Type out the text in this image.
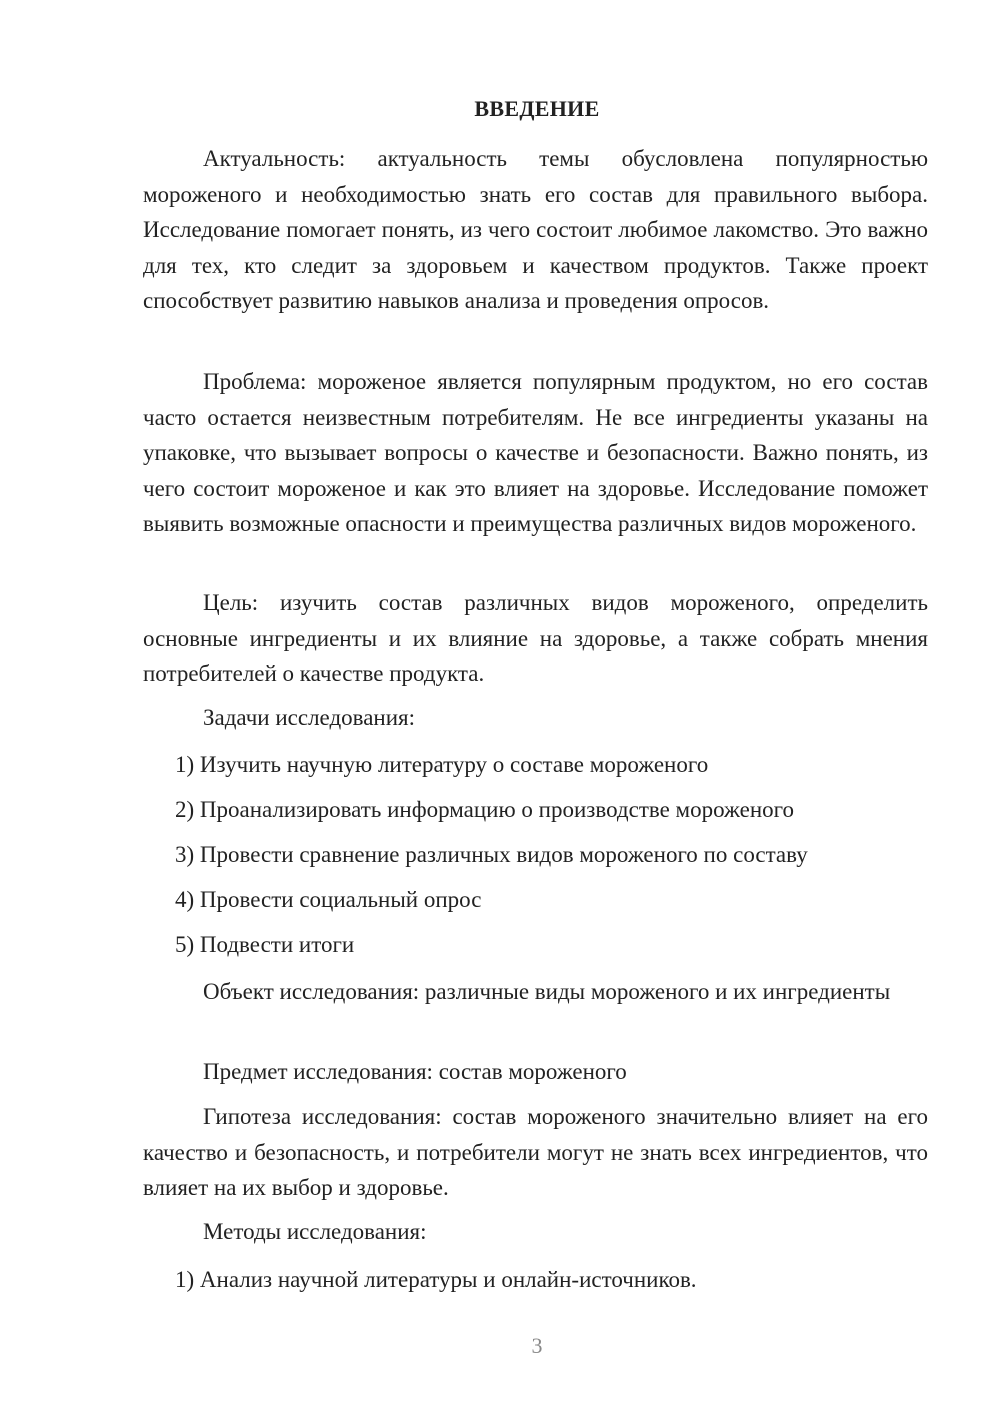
ВВЕДЕНИЕ

Актуальность: актуальность темы обусловлена популярностью мороженого и необходимостью знать его состав для правильного выбора. Исследование помогает понять, из чего состоит любимое лакомство. Это важно для тех, кто следит за здоровьем и качеством продуктов. Также проект способствует развитию навыков анализа и проведения опросов.

Проблема: мороженое является популярным продуктом, но его состав часто остается неизвестным потребителям. Не все ингредиенты указаны на упаковке, что вызывает вопросы о качестве и безопасности. Важно понять, из чего состоит мороженое и как это влияет на здоровье. Исследование поможет выявить возможные опасности и преимущества различных видов мороженого.

Цель: изучить состав различных видов мороженого, определить основные ингредиенты и их влияние на здоровье, а также собрать мнения потребителей о качестве продукта.

Задачи исследования:
1) Изучить научную литературу о составе мороженого
2) Проанализировать информацию о производстве мороженого
3) Провести сравнение различных видов мороженого по составу
4) Провести социальный опрос
5) Подвести итоги

Объект исследования: различные виды мороженого и их ингредиенты

Предмет исследования: состав мороженого

Гипотеза исследования: состав мороженого значительно влияет на его качество и безопасность, и потребители могут не знать всех ингредиентов, что влияет на их выбор и здоровье.

Методы исследования:
1) Анализ научной литературы и онлайн-источников.
3
